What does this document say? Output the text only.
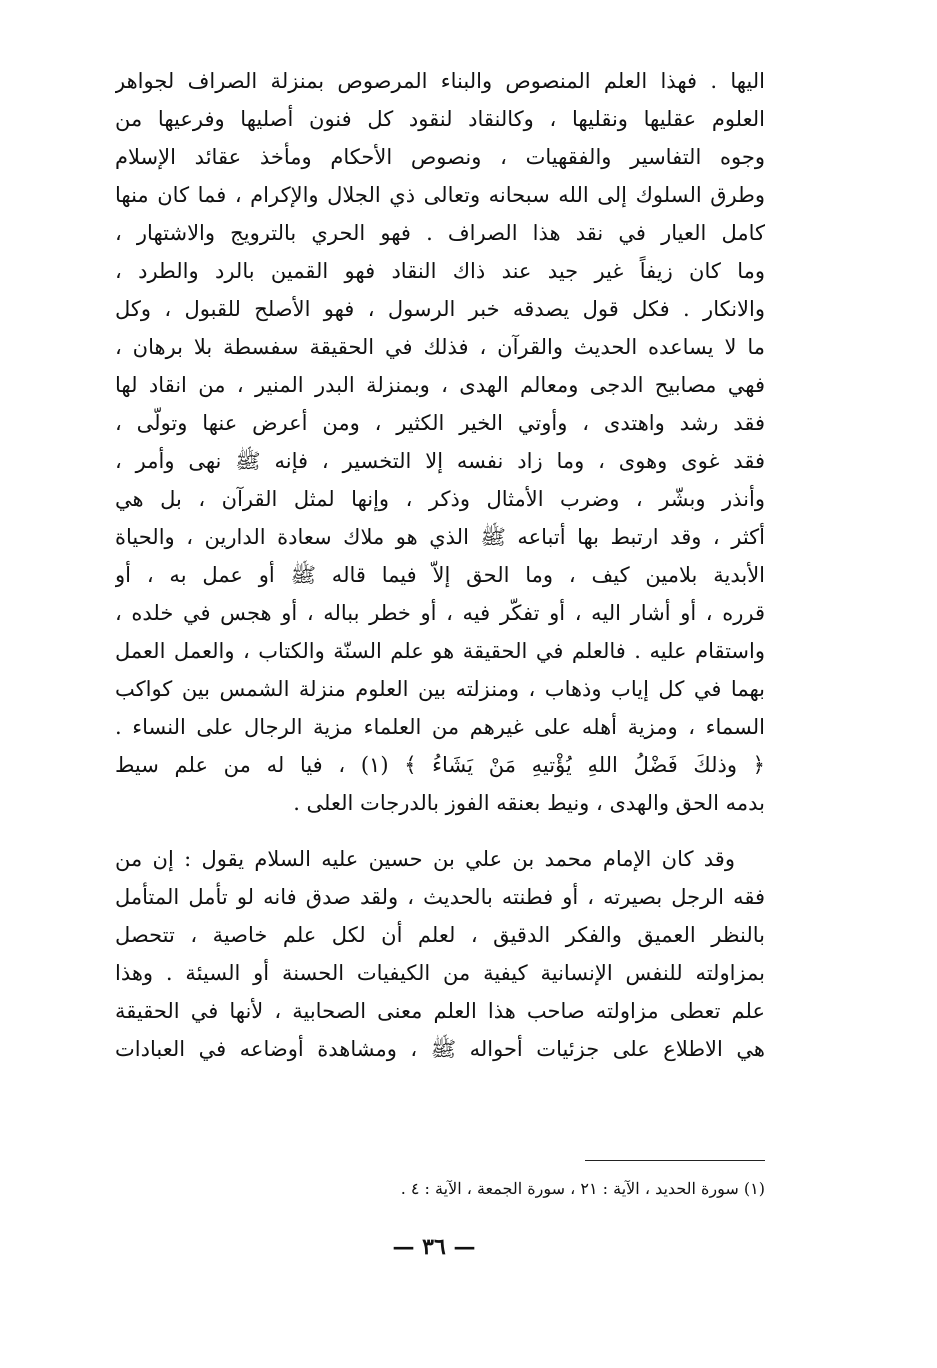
اليها . فهذا العلم المنصوص والبناء المرصوص بمنزلة الصراف لجواهر
العلوم عقليها ونقليها ، وكالنقاد لنقود كل فنون أصليها وفرعيها من
وجوه التفاسير والفقهيات ، ونصوص الأحكام ومأخذ عقائد الإسلام
وطرق السلوك إلى الله سبحانه وتعالى ذي الجلال والإكرام ، فما كان منها
كامل العيار في نقد هذا الصراف . فهو الحري بالترويج والاشتهار ،
وما كان زيفاً غير جيد عند ذاك النقاد فهو القمين بالرد والطرد ،
والانكار . فكل قول يصدقه خبر الرسول ، فهو الأصلح للقبول ، وكل
ما لا يساعده الحديث والقرآن ، فذلك في الحقيقة سفسطة بلا برهان ،
فهي مصابيح الدجى ومعالم الهدى ، وبمنزلة البدر المنير ، من انقاد لها
فقد رشد واهتدى ، وأوتي الخير الكثير ، ومن أعرض عنها وتولّى ،
فقد غوى وهوى ، وما زاد نفسه إلا التخسير ، فإنه ﷺ نهى وأمر ،
وأنذر وبشّر ، وضرب الأمثال وذكر ، وإنها لمثل القرآن ، بل هي
أكثر ، وقد ارتبط بها أتباعه ﷺ الذي هو ملاك سعادة الدارين ، والحياة
الأبدية بلامين كيف ، وما الحق إلاّ فيما قاله ﷺ أو عمل به ، أو
قرره ، أو أشار اليه ، أو تفكّر فيه ، أو خطر بباله ، أو هجس في خلده ،
واستقام عليه . فالعلم في الحقيقة هو علم السنّة والكتاب ، والعمل العمل
بهما في كل إياب وذهاب ، ومنزلته بين العلوم منزلة الشمس بين كواكب
السماء ، ومزية أهله على غيرهم من العلماء مزية الرجال على النساء .
﴿ وذلكَ فَضْلُ اللهِ يُؤْتيهِ مَنْ يَشَاءُ ﴾ (١) ، فيا له من علم سيط
بدمه الحق والهدى ، ونيط بعنقه الفوز بالدرجات العلى .
وقد كان الإمام محمد بن علي بن حسين عليه السلام يقول : إن من
فقه الرجل بصيرته ، أو فطنته بالحديث ، ولقد صدق فانه لو تأمل المتأمل
بالنظر العميق والفكر الدقيق ، لعلم أن لكل علم خاصية ، تتحصل
بمزاولته للنفس الإنسانية كيفية من الكيفيات الحسنة أو السيئة . وهذا
علم تعطى مزاولته صاحب هذا العلم معنى الصحابية ، لأنها في الحقيقة
هي الاطلاع على جزئيات أحواله ﷺ ، ومشاهدة أوضاعه في العبادات
(١) سورة الحديد ، الآية : ٢١ ، سورة الجمعة ، الآية : ٤ .
— ٣٦ —
